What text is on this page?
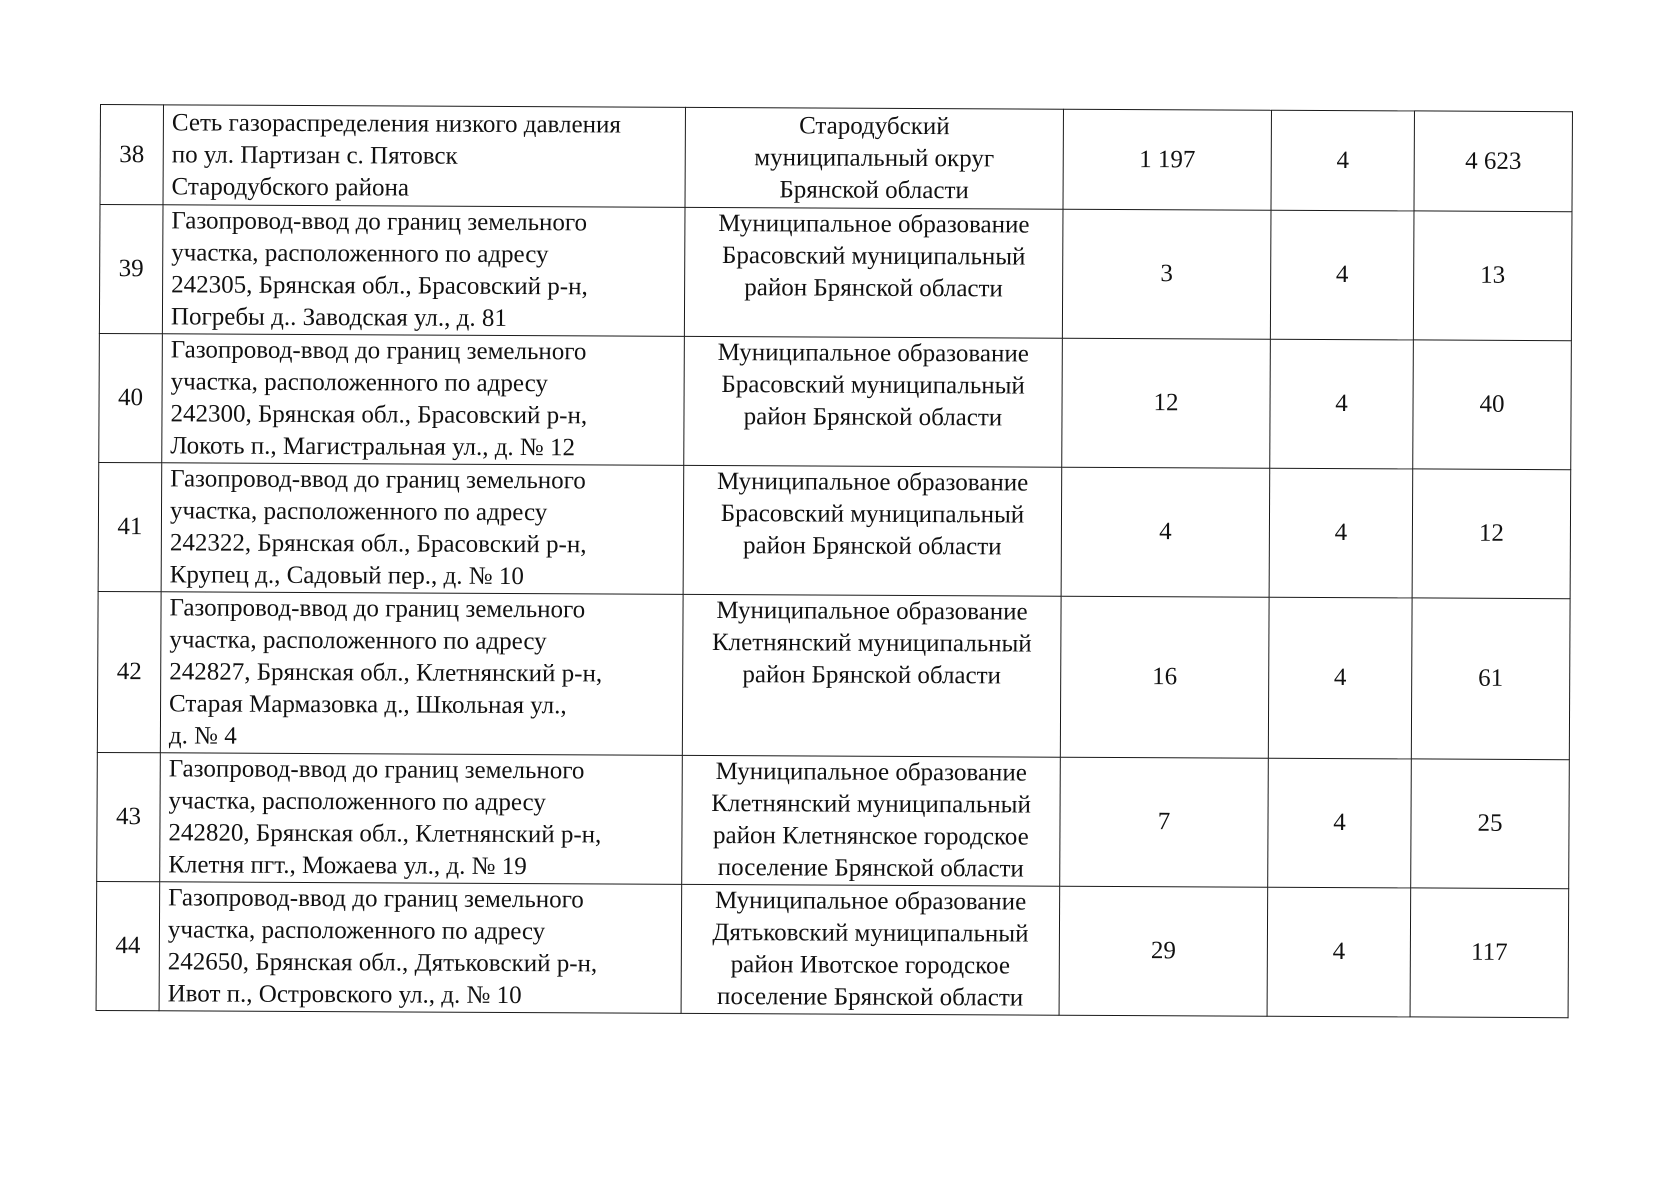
38	Сеть газораспределения низкого давления
по ул. Партизан с. Пятовск
Стародубского района	Стародубский
муниципальный округ
Брянской области	1 197	4	4 623
39	Газопровод-ввод до границ земельного
участка, расположенного по адресу
242305, Брянская обл., Брасовский р-н,
Погребы д.. Заводская ул., д. 81	Муниципальное образование
Брасовский муниципальный
район Брянской области	3	4	13
40	Газопровод-ввод до границ земельного
участка, расположенного по адресу
242300, Брянская обл., Брасовский р-н,
Локоть п., Магистральная ул., д. № 12	Муниципальное образование
Брасовский муниципальный
район Брянской области	12	4	40
41	Газопровод-ввод до границ земельного
участка, расположенного по адресу
242322, Брянская обл., Брасовский р-н,
Крупец д., Садовый пер., д. № 10	Муниципальное образование
Брасовский муниципальный
район Брянской области	4	4	12
42	Газопровод-ввод до границ земельного
участка, расположенного по адресу
242827, Брянская обл., Клетнянский р-н,
Старая Мармазовка д., Школьная ул.,
д. № 4	Муниципальное образование
Клетнянский муниципальный
район Брянской области	16	4	61
43	Газопровод-ввод до границ земельного
участка, расположенного по адресу
242820, Брянская обл., Клетнянский р-н,
Клетня пгт., Можаева ул., д. № 19	Муниципальное образование
Клетнянский муниципальный
район Клетнянское городское
поселение Брянской области	7	4	25
44	Газопровод-ввод до границ земельного
участка, расположенного по адресу
242650, Брянская обл., Дятьковский р-н,
Ивот п., Островского ул., д. № 10	Муниципальное образование
Дятьковский муниципальный
район Ивотское городское
поселение Брянской области	29	4	117
